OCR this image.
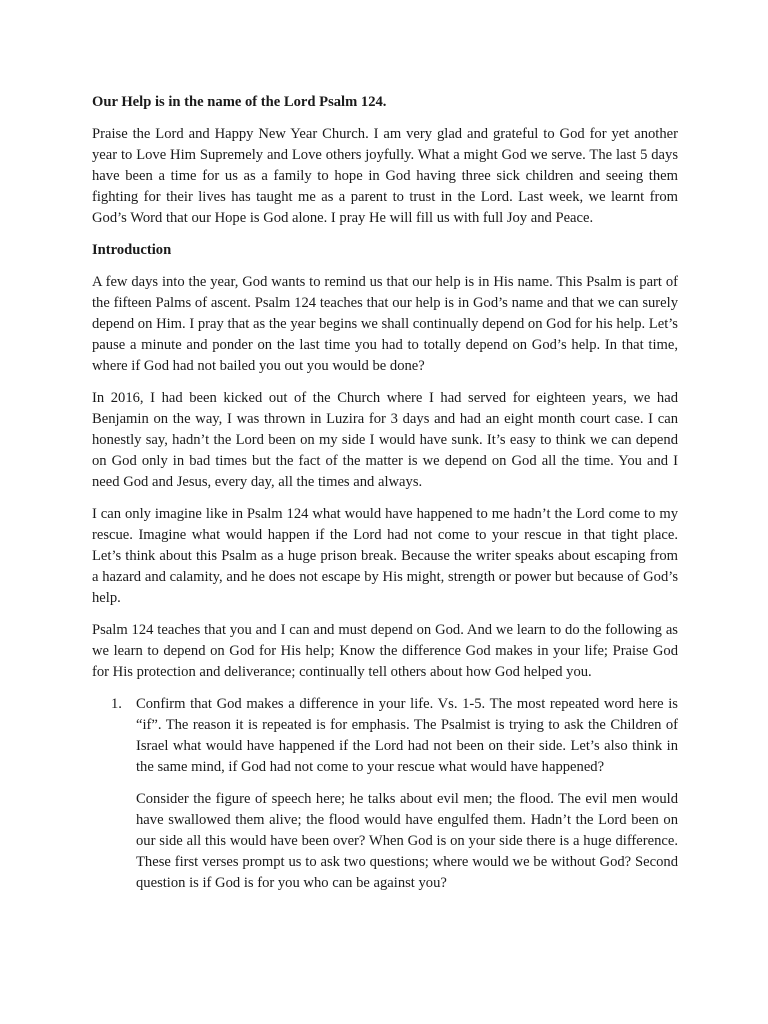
Our Help is in the name of the Lord Psalm 124.

Praise the Lord and Happy New Year Church. I am very glad and grateful to God for yet another year to Love Him Supremely and Love others joyfully. What a might God we serve. The last 5 days have been a time for us as a family to hope in God having three sick children and seeing them fighting for their lives has taught me as a parent to trust in the Lord. Last week, we learnt from God’s Word that our Hope is God alone. I pray He will fill us with full Joy and Peace.

Introduction

A few days into the year, God wants to remind us that our help is in His name. This Psalm is part of the fifteen Palms of ascent. Psalm 124 teaches that our help is in God’s name and that we can surely depend on Him. I pray that as the year begins we shall continually depend on God for his help. Let’s pause a minute and ponder on the last time you had to totally depend on God’s help. In that time, where if God had not bailed you out you would be done?

In 2016, I had been kicked out of the Church where I had served for eighteen years, we had Benjamin on the way, I was thrown in Luzira for 3 days and had an eight month court case. I can honestly say, hadn’t the Lord been on my side I would have sunk. It’s easy to think we can depend on God only in bad times but the fact of the matter is we depend on God all the time. You and I need God and Jesus, every day, all the times and always.

I can only imagine like in Psalm 124 what would have happened to me hadn’t the Lord come to my rescue. Imagine what would happen if the Lord had not come to your rescue in that tight place. Let’s think about this Psalm as a huge prison break. Because the writer speaks about escaping from a hazard and calamity, and he does not escape by His might, strength or power but because of God’s help.

Psalm 124 teaches that you and I can and must depend on God. And we learn to do the following as we learn to depend on God for His help; Know the difference God makes in your life; Praise God for His protection and deliverance; continually tell others about how God helped you.

1. Confirm that God makes a difference in your life. Vs. 1-5. The most repeated word here is “if”. The reason it is repeated is for emphasis. The Psalmist is trying to ask the Children of Israel what would have happened if the Lord had not been on their side. Let’s also think in the same mind, if God had not come to your rescue what would have happened?

Consider the figure of speech here; he talks about evil men; the flood. The evil men would have swallowed them alive; the flood would have engulfed them. Hadn’t the Lord been on our side all this would have been over? When God is on your side there is a huge difference. These first verses prompt us to ask two questions; where would we be without God? Second question is if God is for you who can be against you?
